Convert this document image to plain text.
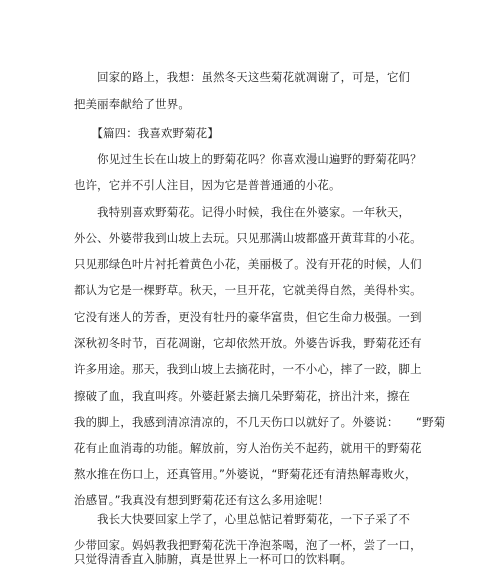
　　回家的路上，我想：虽然冬天这些菊花就凋谢了，可是，它们
把美丽奉献给了世界。
　　【篇四：我喜欢野菊花】
　　你见过生长在山坡上的野菊花吗？你喜欢漫山遍野的野菊花吗？
也许，它并不引人注目，因为它是普普通通的小花。
　　我特别喜欢野菊花。记得小时候，我住在外婆家。一年秋天，
外公、外婆带我到山坡上去玩。只见那满山坡都盛开黄茸茸的小花。
只见那绿色叶片衬托着黄色小花，美丽极了。没有开花的时候，人们
都认为它是一棵野草。秋天，一旦开花，它就美得自然，美得朴实。
它没有迷人的芳香，更没有牡丹的豪华富贵，但它生命力极强。一到
深秋初冬时节，百花凋谢，它却依然开放。外婆告诉我，野菊花还有
许多用途。那天，我到山坡上去摘花时，一不小心，摔了一跤，脚上
擦破了血，我直叫疼。外婆赶紧去摘几朵野菊花，挤出汁来，擦在
我的脚上，我感到清凉清凉的，不几天伤口以就好了。外婆说：　　“野菊
花有止血消毒的功能。解放前，穷人治伤关不起药，就用干的野菊花
熬水推在伤口上，还真管用。”外婆说，“野菊花还有清热解毒败火，
治感冒。”我真没有想到野菊花还有这么多用途呢！
　　我长大快要回家上学了，心里总惦记着野菊花，一下子采了不
少带回家。妈妈教我把野菊花洗干净泡茶喝，泡了一杯，尝了一口，
只觉得清香直入肺腑，真是世界上一杯可口的饮料啊。
